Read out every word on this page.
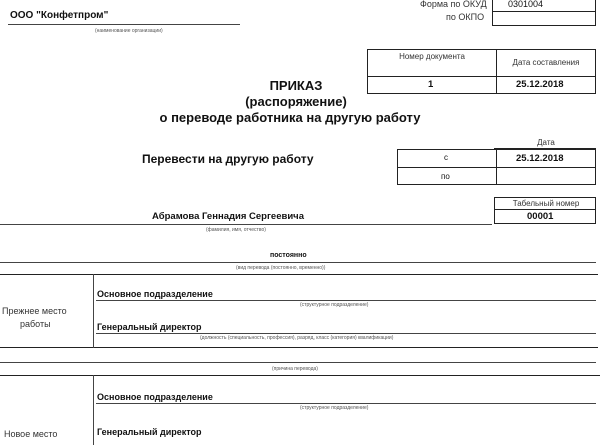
ООО "Конфетпром"
(наименование организации)
Форма по ОКУД
по ОКПО
0301004
ПРИКАЗ
(распоряжение)
о переводе работника на другую работу
Номер документа
Дата составления
1	25.12.2018
Перевести на другую работу
Дата
с
по
25.12.2018
Табельный номер
00001
Абрамова Геннадия Сергеевича
(фамилия, имя, отчество)
постоянно
(вид перевода (постоянно, временно))
Прежнее место
работы
Основное подразделение
(структурное подразделение)
Генеральный директор
(должность (специальность, профессия), разряд, класс (категория) квалификации)
(причина перевода)
Основное подразделение
(структурное подразделение)
Новое место	Генеральный директор
